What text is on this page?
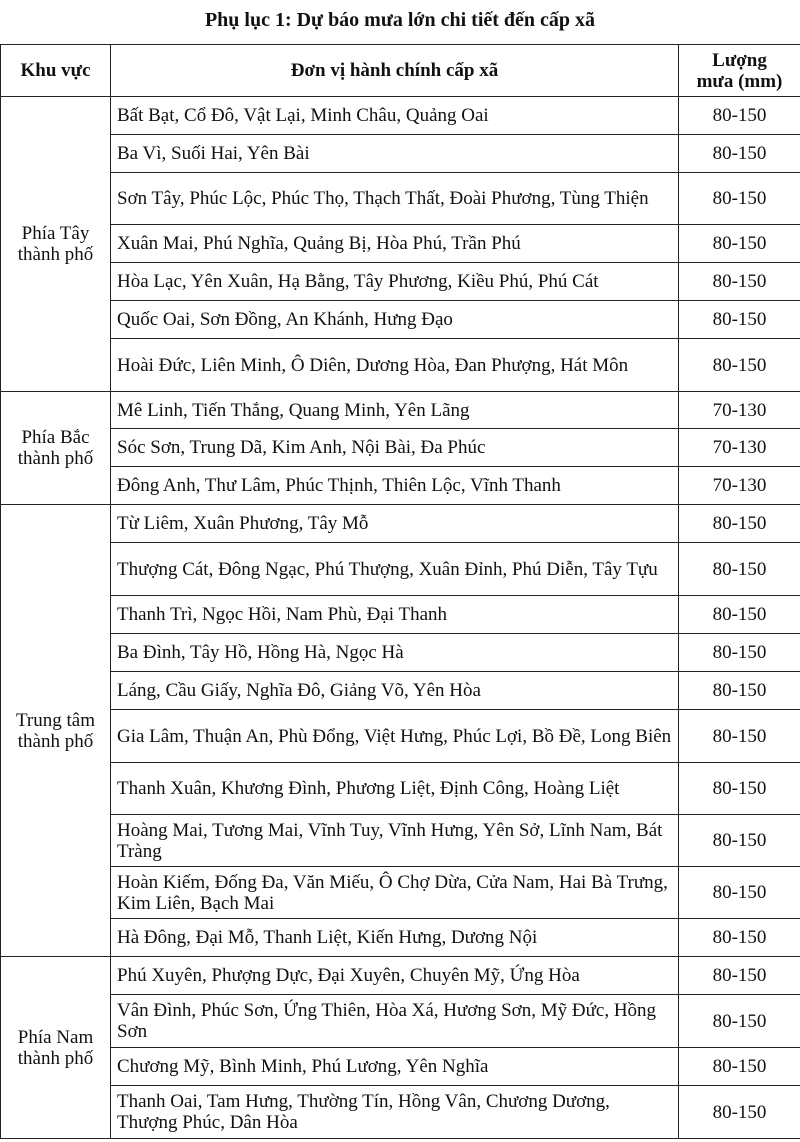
Phụ lục 1: Dự báo mưa lớn chi tiết đến cấp xã
Khu vực	Đơn vị hành chính cấp xã	Lượng
mưa (mm)

Phía Tây
thành phố	Bất Bạt, Cổ Đô, Vật Lại, Minh Châu, Quảng Oai	80-150
	Ba Vì, Suối Hai, Yên Bài	80-150
	Sơn Tây, Phúc Lộc, Phúc Thọ, Thạch Thất, Đoài Phương, Tùng Thiện	80-150
	Xuân Mai, Phú Nghĩa, Quảng Bị, Hòa Phú, Trần Phú	80-150
	Hòa Lạc, Yên Xuân, Hạ Bằng, Tây Phương, Kiều Phú, Phú Cát	80-150
	Quốc Oai, Sơn Đồng, An Khánh, Hưng Đạo	80-150
	Hoài Đức, Liên Minh, Ô Diên, Dương Hòa, Đan Phượng, Hát Môn	80-150

Phía Bắc
thành phố	Mê Linh, Tiến Thắng, Quang Minh, Yên Lãng	70-130
	Sóc Sơn, Trung Dã, Kim Anh, Nội Bài, Đa Phúc	70-130
	Đông Anh, Thư Lâm, Phúc Thịnh, Thiên Lộc, Vĩnh Thanh	70-130

Trung tâm
thành phố	Từ Liêm, Xuân Phương, Tây Mỗ	80-150
	Thượng Cát, Đông Ngạc, Phú Thượng, Xuân Đỉnh, Phú Diễn, Tây Tựu	80-150
	Thanh Trì, Ngọc Hồi, Nam Phù, Đại Thanh	80-150
	Ba Đình, Tây Hồ, Hồng Hà, Ngọc Hà	80-150
	Láng, Cầu Giấy, Nghĩa Đô, Giảng Võ, Yên Hòa	80-150
	Gia Lâm, Thuận An, Phù Đổng, Việt Hưng, Phúc Lợi, Bồ Đề, Long Biên	80-150
	Thanh Xuân, Khương Đình, Phương Liệt, Định Công, Hoàng Liệt	80-150
	Hoàng Mai, Tương Mai, Vĩnh Tuy, Vĩnh Hưng, Yên Sở, Lĩnh Nam, Bát Tràng	80-150
	Hoàn Kiếm, Đống Đa, Văn Miếu, Ô Chợ Dừa, Cửa Nam, Hai Bà Trưng, Kim Liên, Bạch Mai	80-150
	Hà Đông, Đại Mỗ, Thanh Liệt, Kiến Hưng, Dương Nội	80-150

Phía Nam
thành phố	Phú Xuyên, Phượng Dực, Đại Xuyên, Chuyên Mỹ, Ứng Hòa	80-150
	Vân Đình, Phúc Sơn, Ứng Thiên, Hòa Xá, Hương Sơn, Mỹ Đức, Hồng Sơn	80-150
	Chương Mỹ, Bình Minh, Phú Lương, Yên Nghĩa	80-150
	Thanh Oai, Tam Hưng, Thường Tín, Hồng Vân, Chương Dương, Thượng Phúc, Dân Hòa	80-150
